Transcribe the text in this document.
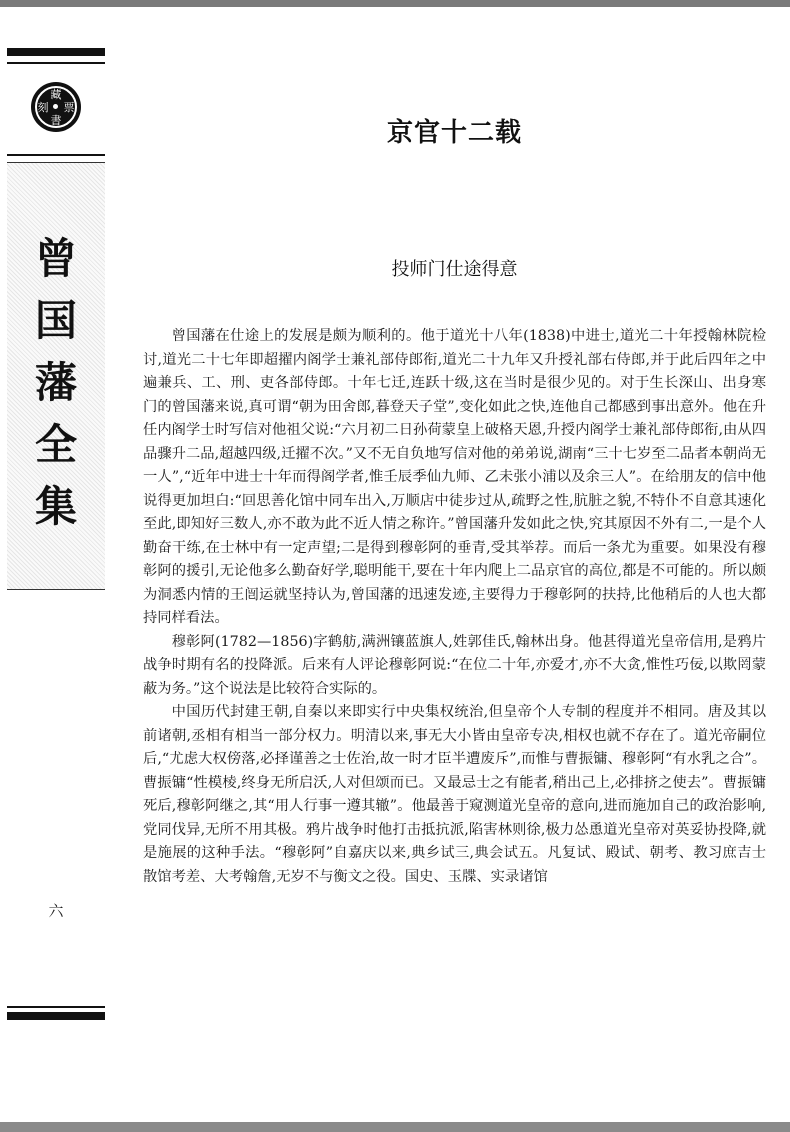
藏
書
刻 票
曾
国
藩
全
集
六
京官十二载
投师门仕途得意

曾国藩在仕途上的发展是颇为顺利的。他于道光十八年(1838)中进士,道光二十年授翰林院检讨,道光二十七年即超擢内阁学士兼礼部侍郎衔,道光二十九年又升授礼部右侍郎,并于此后四年之中遍兼兵、工、刑、吏各部侍郎。十年七迁,连跃十级,这在当时是很少见的。对于生长深山、出身寒门的曾国藩来说,真可谓“朝为田舍郎,暮登天子堂”,变化如此之快,连他自己都感到事出意外。他在升任内阁学士时写信对他祖父说:“六月初二日孙荷蒙皇上破格天恩,升授内阁学士兼礼部侍郎衔,由从四品骤升二品,超越四级,迁擢不次。”又不无自负地写信对他的弟弟说,湖南“三十七岁至二品者本朝尚无一人”,“近年中进士十年而得阁学者,惟壬辰季仙九师、乙未张小浦以及余三人”。在给朋友的信中他说得更加坦白:“回思善化馆中同车出入,万顺店中徒步过从,疏野之性,肮脏之貌,不特仆不自意其速化至此,即知好三数人,亦不敢为此不近人情之称许。”曾国藩升发如此之快,究其原因不外有二,一是个人勤奋干练,在士林中有一定声望;二是得到穆彰阿的垂青,受其举荐。而后一条尤为重要。如果没有穆彰阿的援引,无论他多么勤奋好学,聪明能干,要在十年内爬上二品京官的高位,都是不可能的。所以颇为洞悉内情的王闿运就坚持认为,曾国藩的迅速发迹,主要得力于穆彰阿的扶持,比他稍后的人也大都持同样看法。

穆彰阿(1782—1856)字鹤舫,满洲镶蓝旗人,姓郭佳氏,翰林出身。他甚得道光皇帝信用,是鸦片战争时期有名的投降派。后来有人评论穆彰阿说:“在位二十年,亦爱才,亦不大贪,惟性巧佞,以欺罔蒙蔽为务。”这个说法是比较符合实际的。

中国历代封建王朝,自秦以来即实行中央集权统治,但皇帝个人专制的程度并不相同。唐及其以前诸朝,丞相有相当一部分权力。明清以来,事无大小皆由皇帝专决,相权也就不存在了。道光帝嗣位后,“尤虑大权傍落,必择谨善之士佐治,故一时才臣半遭废斥”,而惟与曹振镛、穆彰阿“有水乳之合”。曹振镛“性模棱,终身无所启沃,人对但颂而已。又最忌士之有能者,稍出己上,必排挤之使去”。曹振镛死后,穆彰阿继之,其“用人行事一遵其辙”。他最善于窥测道光皇帝的意向,进而施加自己的政治影响,党同伐异,无所不用其极。鸦片战争时他打击抵抗派,陷害林则徐,极力怂恿道光皇帝对英妥协投降,就是施展的这种手法。“穆彰阿”自嘉庆以来,典乡试三,典会试五。凡复试、殿试、朝考、教习庶吉士散馆考差、大考翰詹,无岁不与衡文之役。国史、玉牒、实录诸馆
